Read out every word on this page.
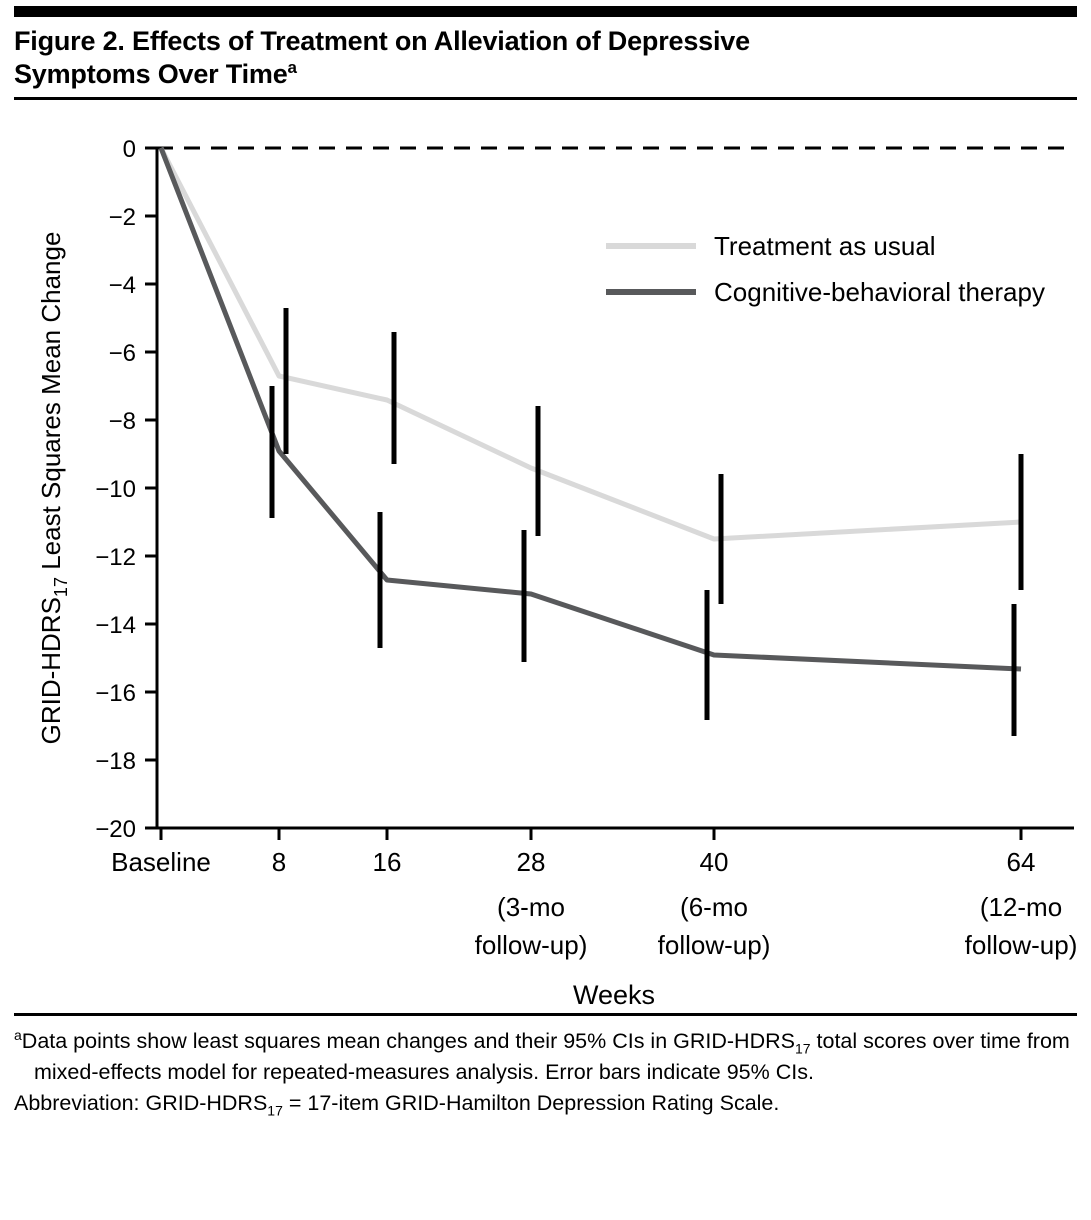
Figure 2. Effects of Treatment on Alleviation of Depressive
Symptoms Over Time$^a$
0
−2
−4
−6
−8
−10
−12
−14
−16
−18
−20
GRID-$HDRS_{17}$ Least Squares Mean Change	Treatment as usual
Cognitive-behavioral therapy
Baseline 8	16	28	40	64
(3-mo
follow-up)
(6-mo
follow-up)
(12-mo
follow-up)
Weeks

$^a$Data points show least squares mean changes and their 95% CIs in GRID-$HDRS_{17}$ total scores over time from mixed-effects model for repeated-measures analysis. Error bars indicate 95% CIs.

Abbreviation: GRID-$HDRS_{17}$ = 17-item GRID-Hamilton Depression Rating Scale.
